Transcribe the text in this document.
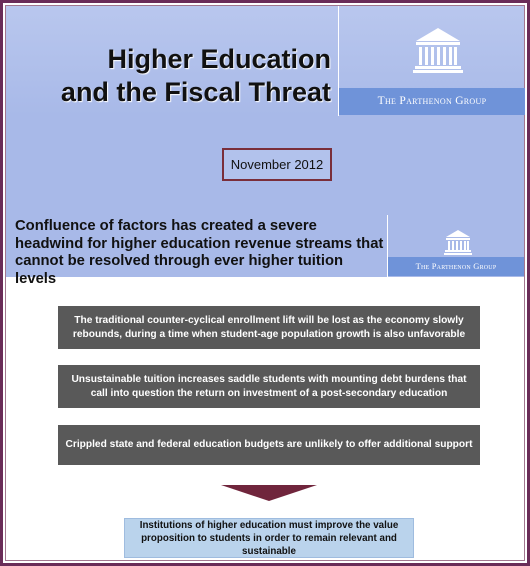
Higher Education
and the Fiscal Threat	The Parthenon Group
November 2012
Confluence of factors has created a severe headwind for higher education revenue streams that cannot be resolved through ever higher tuition levels
The Parthenon Group
The traditional counter-cyclical enrollment lift will be lost as the economy slowly rebounds, during a time when student-age population growth is also unfavorable
Unsustainable tuition increases saddle students with mounting debt burdens that call into question the return on investment of a post-secondary education
Crippled state and federal education budgets are unlikely to offer additional support
Institutions of higher education must improve the value proposition to students in order to remain relevant and sustainable
